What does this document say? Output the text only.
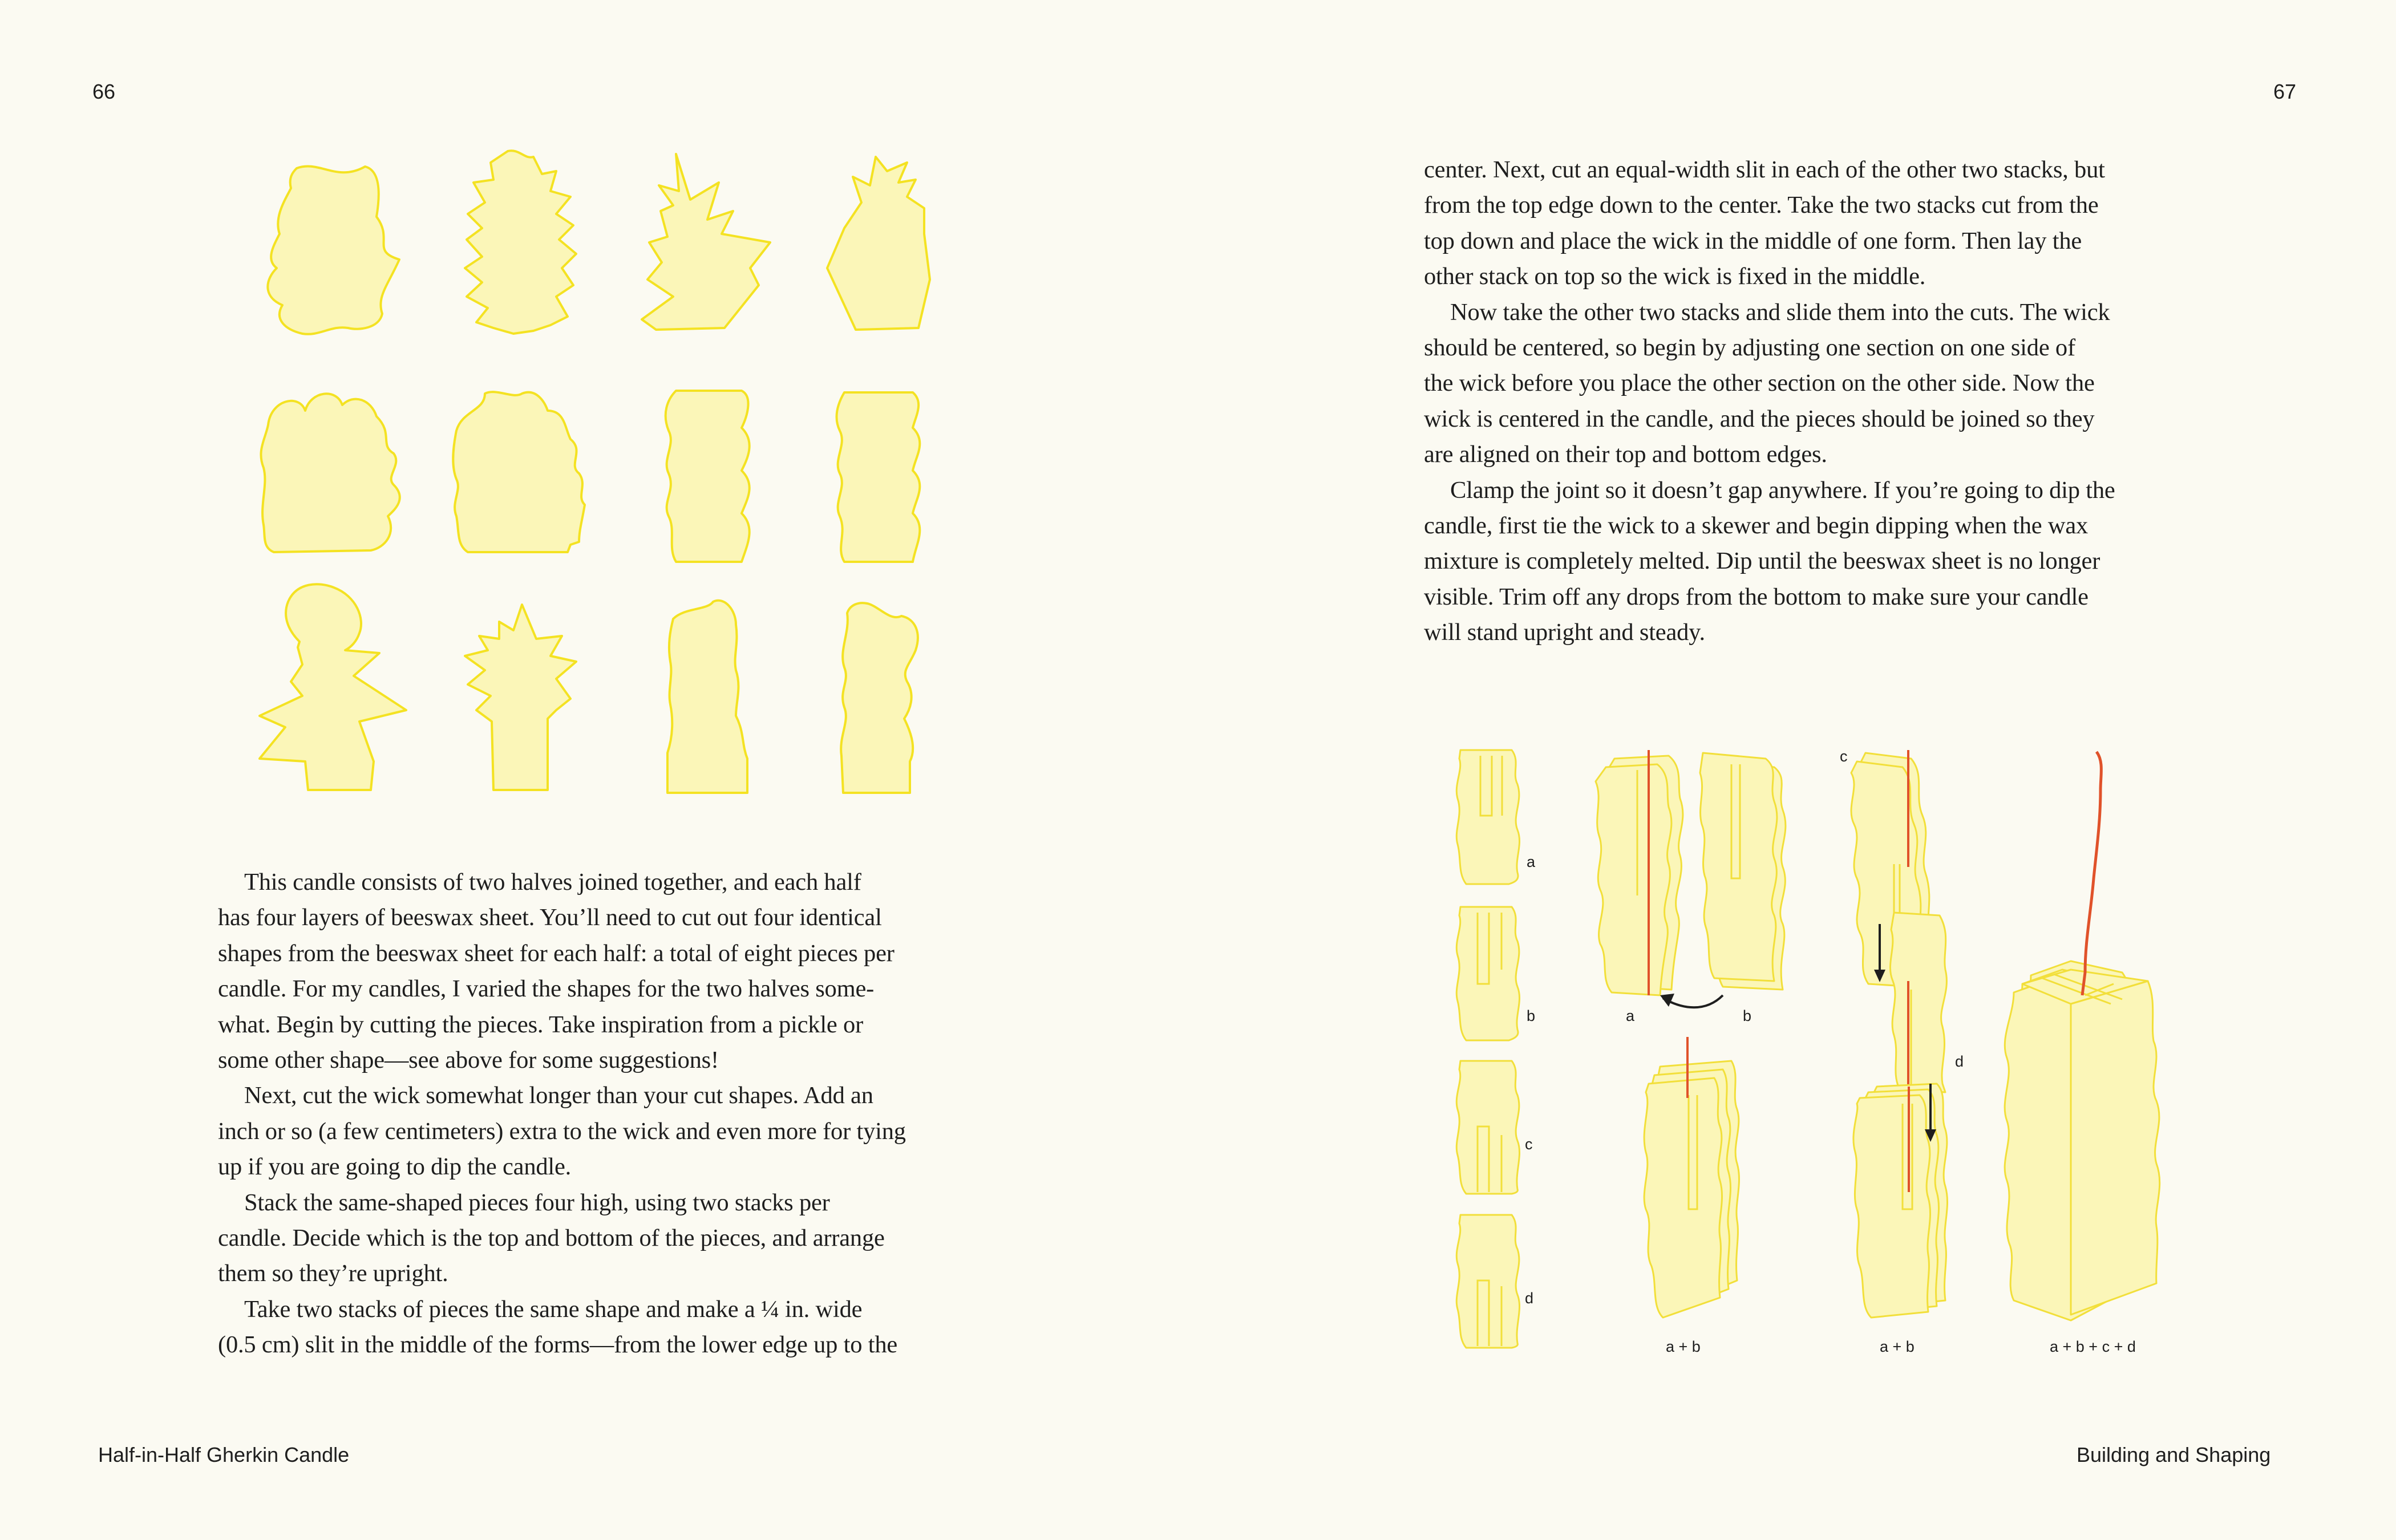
66	67
Half-in-Half Gherkin Candle	Building and Shaping
This candle consists of two halves joined together, and each half
has four layers of beeswax sheet. You’ll need to cut out four identical
shapes from the beeswax sheet for each half: a total of eight pieces per
candle. For my candles, I varied the shapes for the two halves some-
what. Begin by cutting the pieces. Take inspiration from a pickle or
some other shape—see above for some suggestions!
Next, cut the wick somewhat longer than your cut shapes. Add an
inch or so (a few centimeters) extra to the wick and even more for tying
up if you are going to dip the candle.
Stack the same-shaped pieces four high, using two stacks per
candle. Decide which is the top and bottom of the pieces, and arrange
them so they’re upright.
Take two stacks of pieces the same shape and make a ¼ in. wide
(0.5 cm) slit in the middle of the forms—from the lower edge up to the
center. Next, cut an equal-width slit in each of the other two stacks, but
from the top edge down to the center. Take the two stacks cut from the
top down and place the wick in the middle of one form. Then lay the
other stack on top so the wick is fixed in the middle.
Now take the other two stacks and slide them into the cuts. The wick
should be centered, so begin by adjusting one section on one side of
the wick before you place the other section on the other side. Now the
wick is centered in the candle, and the pieces should be joined so they
are aligned on their top and bottom edges.
Clamp the joint so it doesn’t gap anywhere. If you’re going to dip the
candle, first tie the wick to a skewer and begin dipping when the wax
mixture is completely melted. Dip until the beeswax sheet is no longer
visible. Trim off any drops from the bottom to make sure your candle
will stand upright and steady.
a
b
c
d
a	b
a + b
c
d
a + b	a + b + c + d
